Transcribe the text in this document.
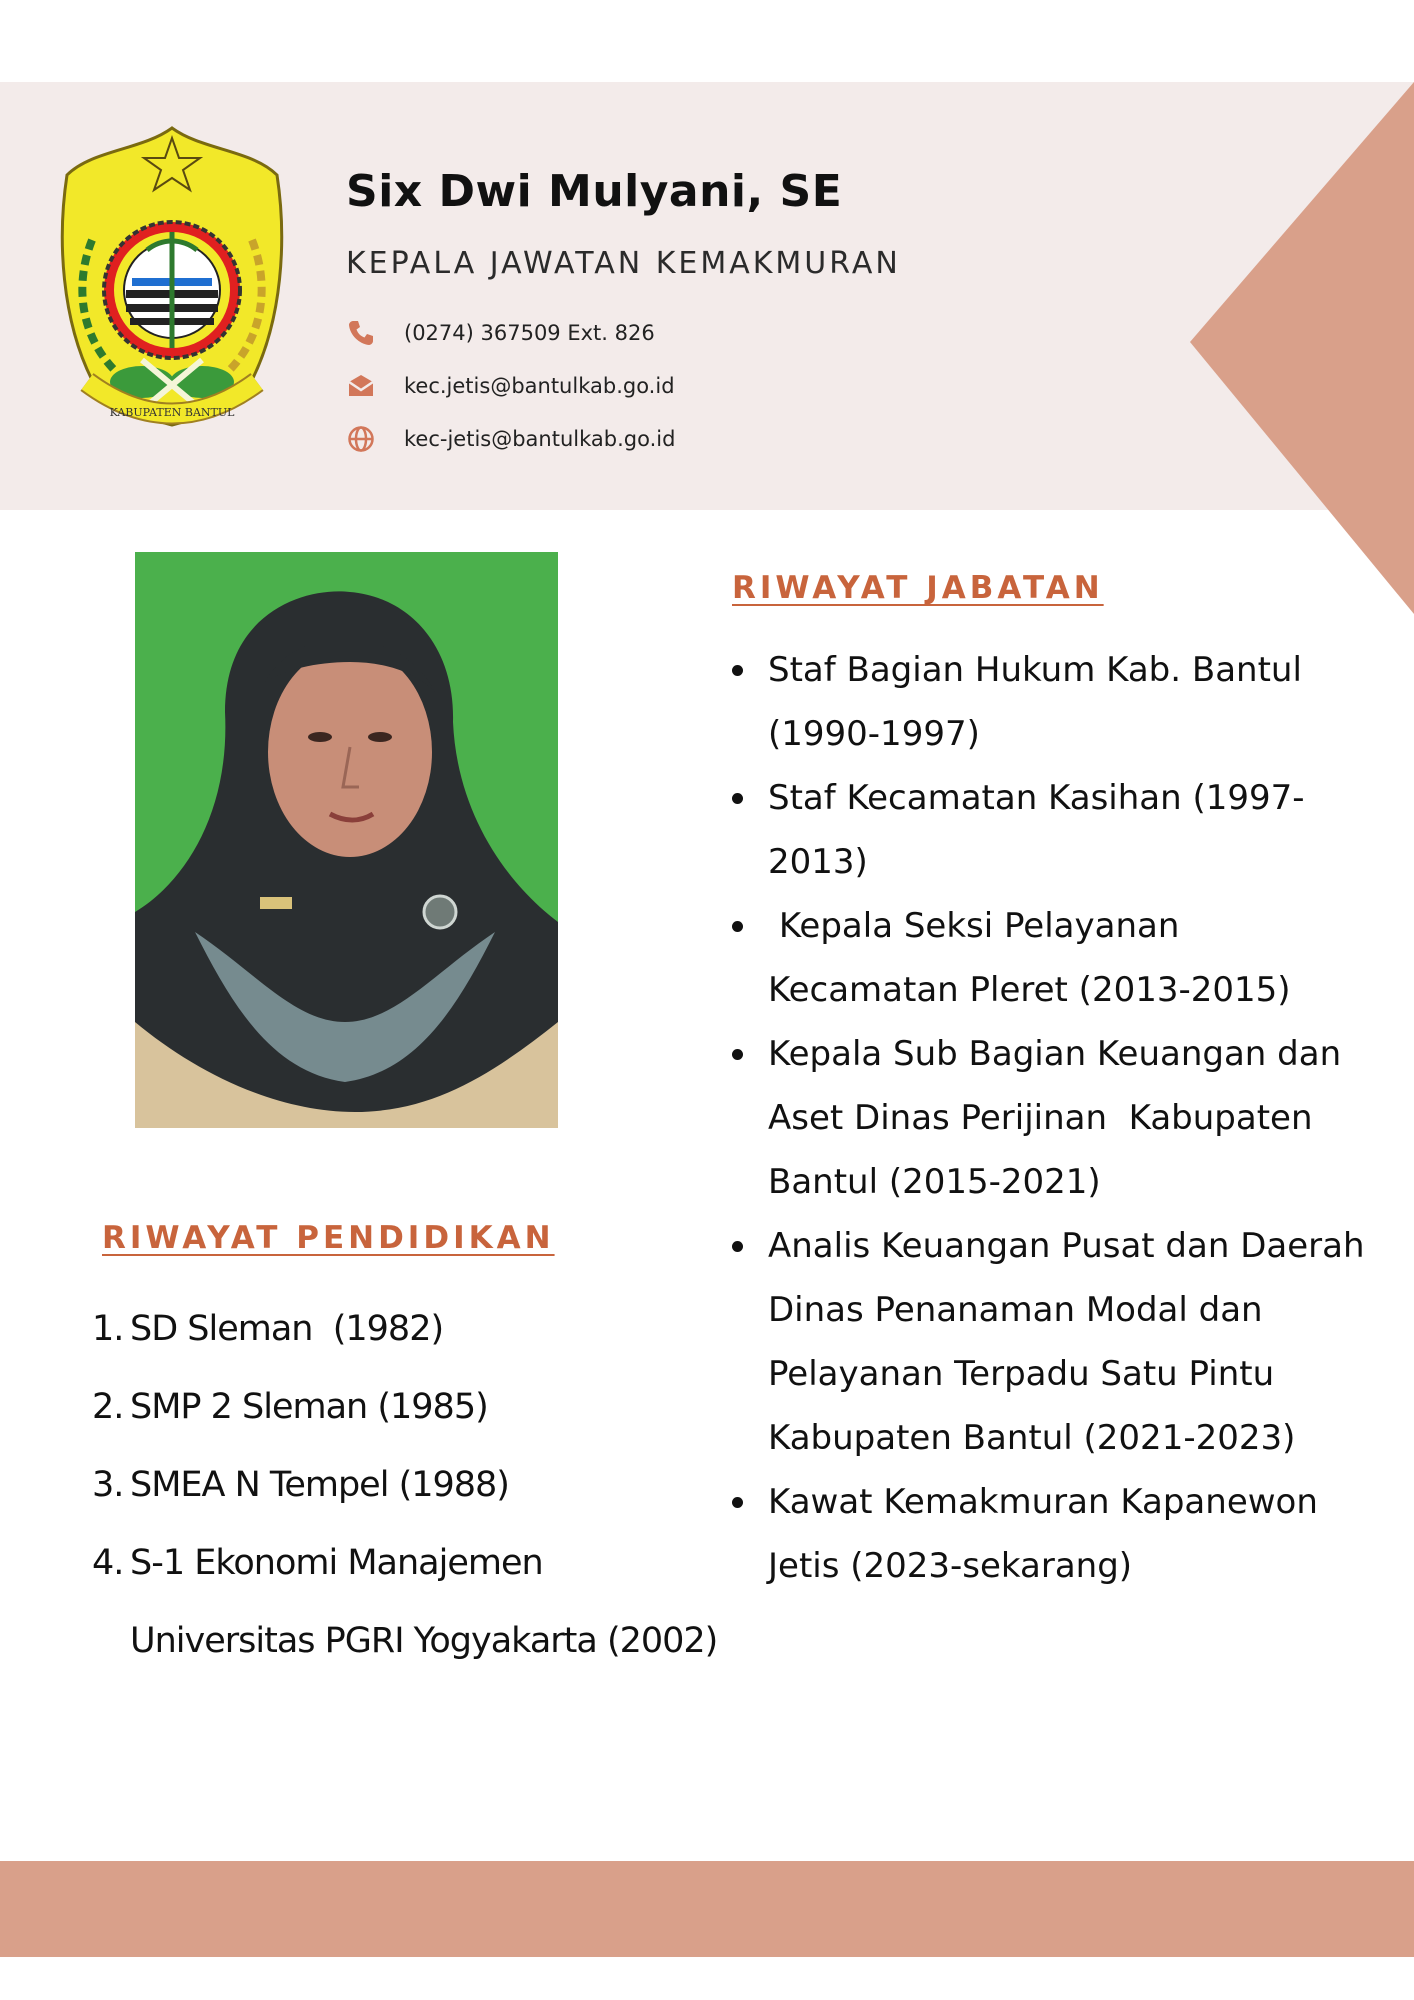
KABUPATEN BANTUL
Six Dwi Mulyani, SE
KEPALA JAWATAN KEMAKMURAN
(0274) 367509 Ext. 826
kec.jetis@bantulkab.go.id
kec-jetis@bantulkab.go.id
RIWAYAT JABATAN
Staf Bagian Hukum Kab. Bantul (1990-1997)
Staf Kecamatan Kasihan (1997-2013)
Kepala Seksi Pelayanan Kecamatan Pleret (2013-2015)
Kepala Sub Bagian Keuangan dan Aset Dinas Perijinan  Kabupaten Bantul (2015-2021)
Analis Keuangan Pusat dan Daerah Dinas Penanaman Modal dan Pelayanan Terpadu Satu Pintu Kabupaten Bantul (2021-2023)
Kawat Kemakmuran Kapanewon Jetis (2023-sekarang)
RIWAYAT PENDIDIKAN
1. SD Sleman  (1982)
2. SMP 2 Sleman (1985)
3. SMEA N Tempel (1988)
4. S-1 Ekonomi Manajemen Universitas PGRI Yogyakarta (2002)
